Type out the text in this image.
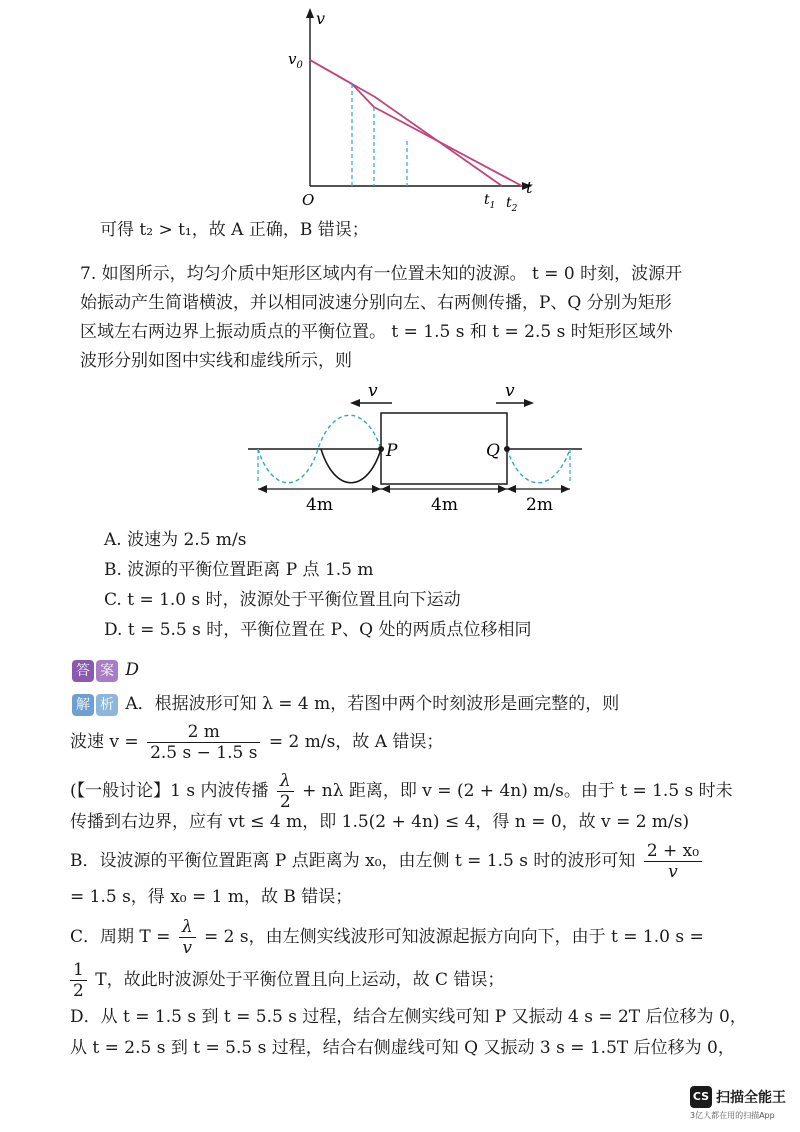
v
t
O
$v_0$
$t_1$ $t_2$
可得 t₂ > t₁，故 A 正确，B 错误；
7. 如图所示，均匀介质中矩形区域内有一位置未知的波源。 t = 0 时刻，波源开
始振动产生简谐横波，并以相同波速分别向左、右两侧传播，P、Q 分别为矩形
区域左右两边界上振动质点的平衡位置。 t = 1.5 s 和 t = 2.5 s 时矩形区域外
波形分别如图中实线和虚线所示，则
v	v
P	Q
4m	4m	2m
A. 波速为 2.5 m/s
B. 波源的平衡位置距离 P 点 1.5 m
C. t = 1.0 s 时，波源处于平衡位置且向下运动
D. t = 5.5 s 时，平衡位置在 P、Q 处的两质点位移相同
答 案 D
解 析 A．根据波形可知 λ = 4 m，若图中两个时刻波形是画完整的，则
波速 $v = \frac{2 m}{2.5 s - 1.5 s} = 2$ m/s，故 A 错误；
(【一般讨论】1 s 内波传播 $\frac{\lambda}{2} + n\lambda$ 距离，即 v = (2 + 4n) m/s。由于 t = 1.5 s 时未
传播到右边界，应有 vt ≤ 4 m，即 1.5(2 + 4n) ≤ 4，得 n = 0，故 v = 2 m/s)
B．设波源的平衡位置距离 P 点距离为 x₀，由左侧 t = 1.5 s 时的波形可知 $\frac{\text{2 + x₀}}{v}$
= 1.5 s，得 x₀ = 1 m，故 B 错误；
C．周期 $T = \frac{\lambda}{v} = 2$ s，由左侧实线波形可知波源起振方向向下，由于 t = 1.0 s =
$\frac{1}{2}$ T，故此时波源处于平衡位置且向上运动，故 C 错误；
D．从 t = 1.5 s 到 t = 5.5 s 过程，结合左侧实线可知 P 又振动 4 s = 2T 后位移为 0，
从 t = 2.5 s 到 t = 5.5 s 过程，结合右侧虚线可知 Q 又振动 3 s = 1.5T 后位移为 0，
CS 扫描全能王
3亿人都在用的扫描App
